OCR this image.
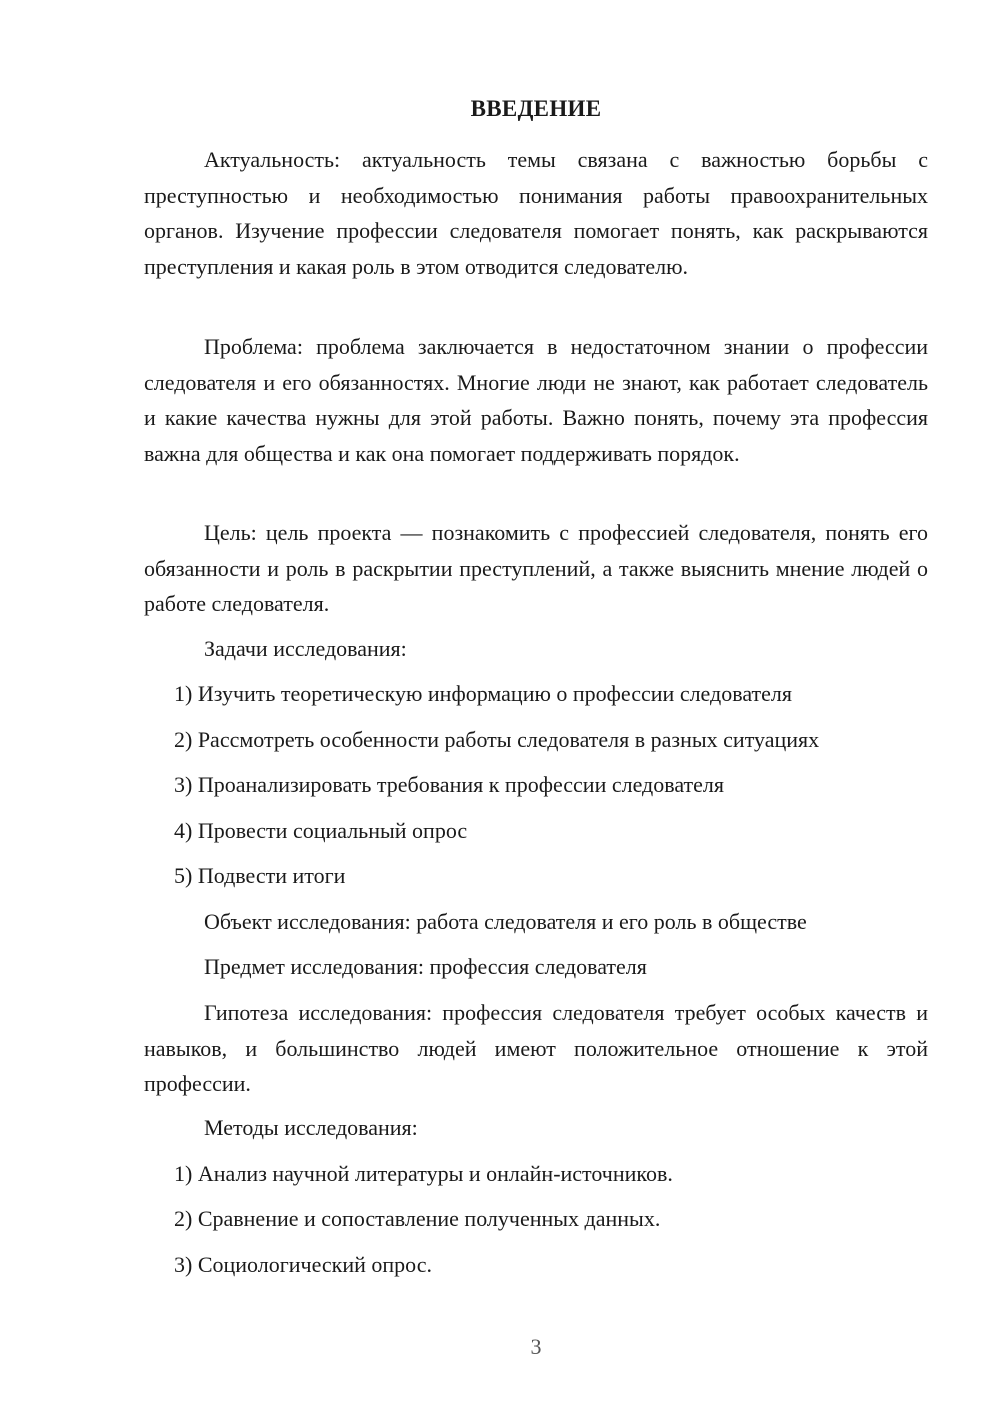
ВВЕДЕНИЕ
Актуальность: актуальность темы связана с важностью борьбы с преступностью и необходимостью понимания работы правоохранительных органов. Изучение профессии следователя помогает понять, как раскрываются преступления и какая роль в этом отводится следователю.
Проблема: проблема заключается в недостаточном знании о профессии следователя и его обязанностях. Многие люди не знают, как работает следователь и какие качества нужны для этой работы. Важно понять, почему эта профессия важна для общества и как она помогает поддерживать порядок.
Цель: цель проекта — познакомить с профессией следователя, понять его обязанности и роль в раскрытии преступлений, а также выяснить мнение людей о работе следователя.
Задачи исследования:
1) Изучить теоретическую информацию о профессии следователя
2) Рассмотреть особенности работы следователя в разных ситуациях
3) Проанализировать требования к профессии следователя
4) Провести социальный опрос
5) Подвести итоги
Объект исследования: работа следователя и его роль в обществе
Предмет исследования: профессия следователя
Гипотеза исследования: профессия следователя требует особых качеств и навыков, и большинство людей имеют положительное отношение к этой профессии.
Методы исследования:
1) Анализ научной литературы и онлайн-источников.
2) Сравнение и сопоставление полученных данных.
3) Социологический опрос.
3
